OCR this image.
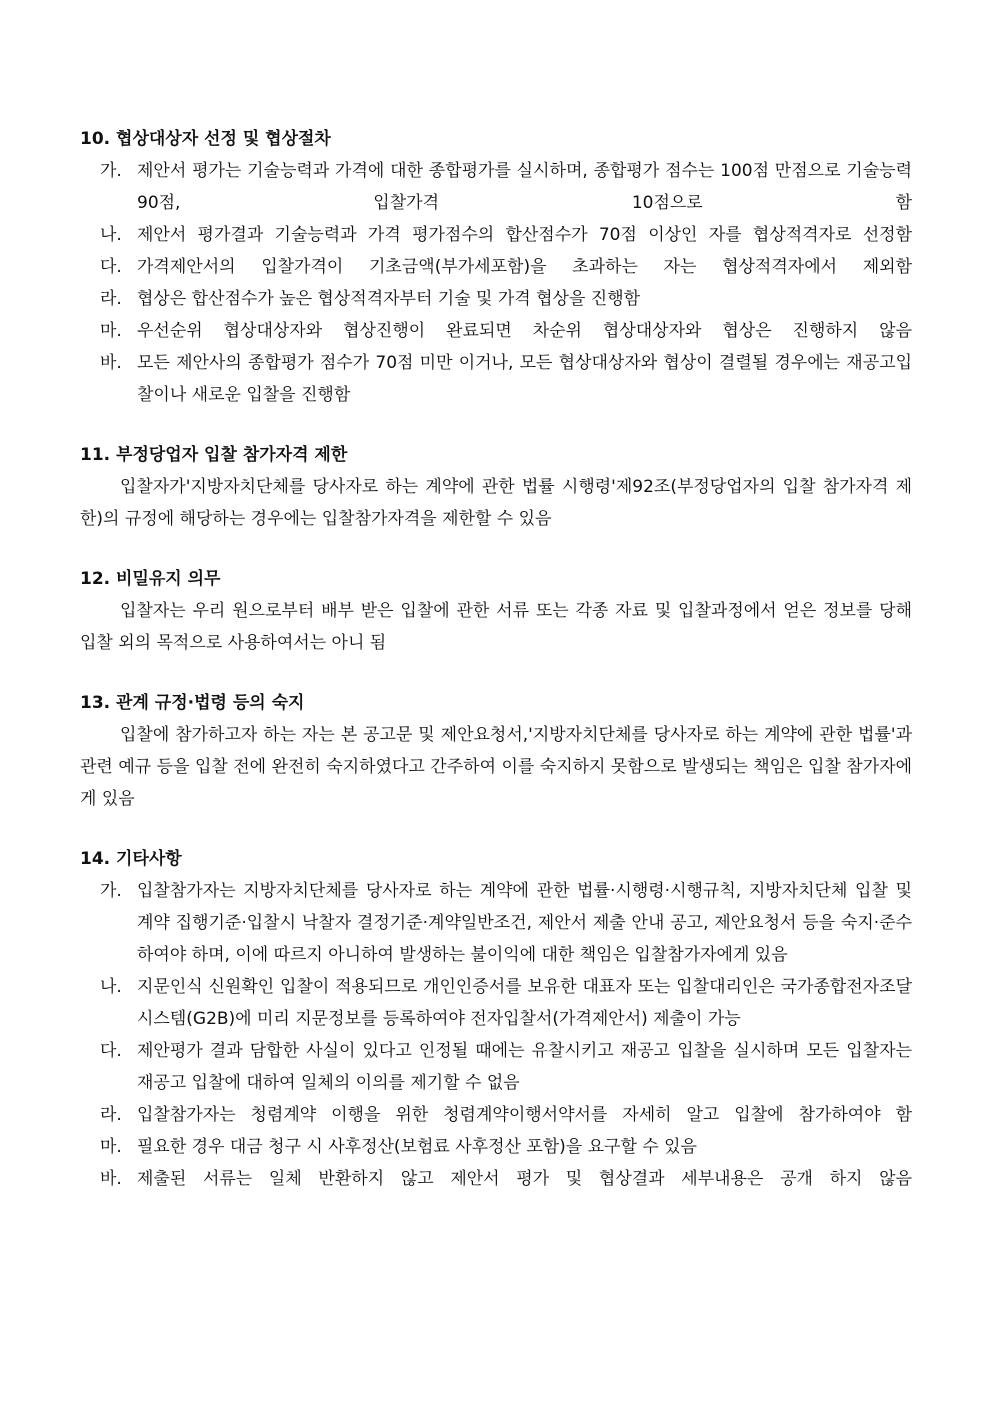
10. 협상대상자 선정 및 협상절차

가. 제안서 평가는 기술능력과 가격에 대한 종합평가를 실시하며, 종합평가 점수는 100점 만점으로 기술능력 90점, 입찰가격 10점으로 함
나. 제안서 평가결과 기술능력과 가격 평가점수의 합산점수가 70점 이상인 자를 협상적격자로 선정함
다. 가격제안서의 입찰가격이 기초금액(부가세포함)을 초과하는 자는 협상적격자에서 제외함
라. 협상은 합산점수가 높은 협상적격자부터 기술 및 가격 협상을 진행함
마. 우선순위 협상대상자와 협상진행이 완료되면 차순위 협상대상자와 협상은 진행하지 않음
바. 모든 제안사의 종합평가 점수가 70점 미만 이거나, 모든 협상대상자와 협상이 결렬될 경우에는 재공고입찰이나 새로운 입찰을 진행함

11. 부정당업자 입찰 참가자격 제한

입찰자가'지방자치단체를 당사자로 하는 계약에 관한 법률 시행령'제92조(부정당업자의 입찰 참가자격 제한)의 규정에 해당하는 경우에는 입찰참가자격을 제한할 수 있음

12. 비밀유지 의무

입찰자는 우리 원으로부터 배부 받은 입찰에 관한 서류 또는 각종 자료 및 입찰과정에서 얻은 정보를 당해 입찰 외의 목적으로 사용하여서는 아니 됨

13. 관계 규정·법령 등의 숙지

입찰에 참가하고자 하는 자는 본 공고문 및 제안요청서,'지방자치단체를 당사자로 하는 계약에 관한 법률'과 관련 예규 등을 입찰 전에 완전히 숙지하였다고 간주하여 이를 숙지하지 못함으로 발생되는 책임은 입찰 참가자에게 있음

14. 기타사항

가. 입찰참가자는 지방자치단체를 당사자로 하는 계약에 관한 법률·시행령·시행규칙, 지방자치단체 입찰 및 계약 집행기준·입찰시 낙찰자 결정기준·계약일반조건, 제안서 제출 안내 공고, 제안요청서 등을 숙지·준수하여야 하며, 이에 따르지 아니하여 발생하는 불이익에 대한 책임은 입찰참가자에게 있음
나. 지문인식 신원확인 입찰이 적용되므로 개인인증서를 보유한 대표자 또는 입찰대리인은 국가종합전자조달시스템(G2B)에 미리 지문정보를 등록하여야 전자입찰서(가격제안서) 제출이 가능
다. 제안평가 결과 담합한 사실이 있다고 인정될 때에는 유찰시키고 재공고 입찰을 실시하며 모든 입찰자는 재공고 입찰에 대하여 일체의 이의를 제기할 수 없음
라. 입찰참가자는 청렴계약 이행을 위한 청렴계약이행서약서를 자세히 알고 입찰에 참가하여야 함
마. 필요한 경우 대금 청구 시 사후정산(보험료 사후정산 포함)을 요구할 수 있음
바. 제출된 서류는 일체 반환하지 않고 제안서 평가 및 협상결과 세부내용은 공개 하지 않음
